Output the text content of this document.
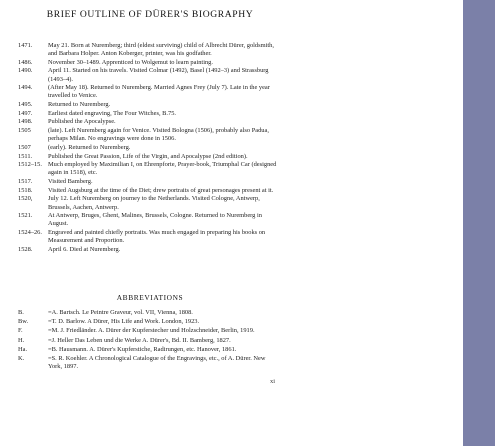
BRIEF OUTLINE OF DÜRER'S BIOGRAPHY
1471.	May 21. Born at Nuremberg; third (eldest surviving) child of Albrecht Dürer, goldsmith, and Barbara Holper. Anton Koberger, printer, was his godfather.
1486.	November 30–1489. Apprenticed to Wolgemut to learn painting.
1490.	April 11. Started on his travels. Visited Colmar (1492), Basel (1492–3) and Strassburg (1493–4).
1494.	(After May 18). Returned to Nuremberg. Married Agnes Frey (July 7). Late in the year travelled to Venice.
1495.	Returned to Nuremberg.
1497.	Earliest dated engraving, The Four Witches, B.75.
1498.	Published the Apocalypse.
1505	(late). Left Nuremberg again for Venice. Visited Bologna (1506), probably also Padua, perhaps Milan. No engravings were done in 1506.
1507	(early). Returned to Nuremberg.
1511.	Published the Great Passion, Life of the Virgin, and Apocalypse (2nd edition).
1512–15. Much employed by Maximilian I, on Ehrenpforte, Prayer-book, Triumphal Car (designed again in 1518), etc.
1517.	Visited Bamberg.
1518.	Visited Augsburg at the time of the Diet; drew portraits of great personages present at it.
1520,	July 12. Left Nuremberg on journey to the Netherlands. Visited Cologne, Antwerp, Brussels, Aachen, Antwerp.
1521.	At Antwerp, Bruges, Ghent, Malines, Brussels, Cologne. Returned to Nuremberg in August.
1524–26. Engraved and painted chiefly portraits. Was much engaged in preparing his books on Measurement and Proportion.
1528.	April 6. Died at Nuremberg.
ABBREVIATIONS
B.	=A. Bartsch. Le Peintre Graveur, vol. VII, Vienna, 1808.
Bw.	=T. D. Barlow. A Dürer, His Life and Work. London, 1923.
F.	=M. J. Friedländer. A. Dürer der Kupferstecher und Holzschneider, Berlin, 1919.
H.	=J. Heller Das Leben und die Werke A. Dürer's, Bd. II. Bamberg, 1827.
Ha.	=B. Hausmann. A. Dürer's Kupferstiche, Radirungen, etc. Hanover, 1861.
K.	=S. R. Koehler. A Chronological Catalogue of the Engravings, etc., of A. Dürer. New York, 1897.
xi
